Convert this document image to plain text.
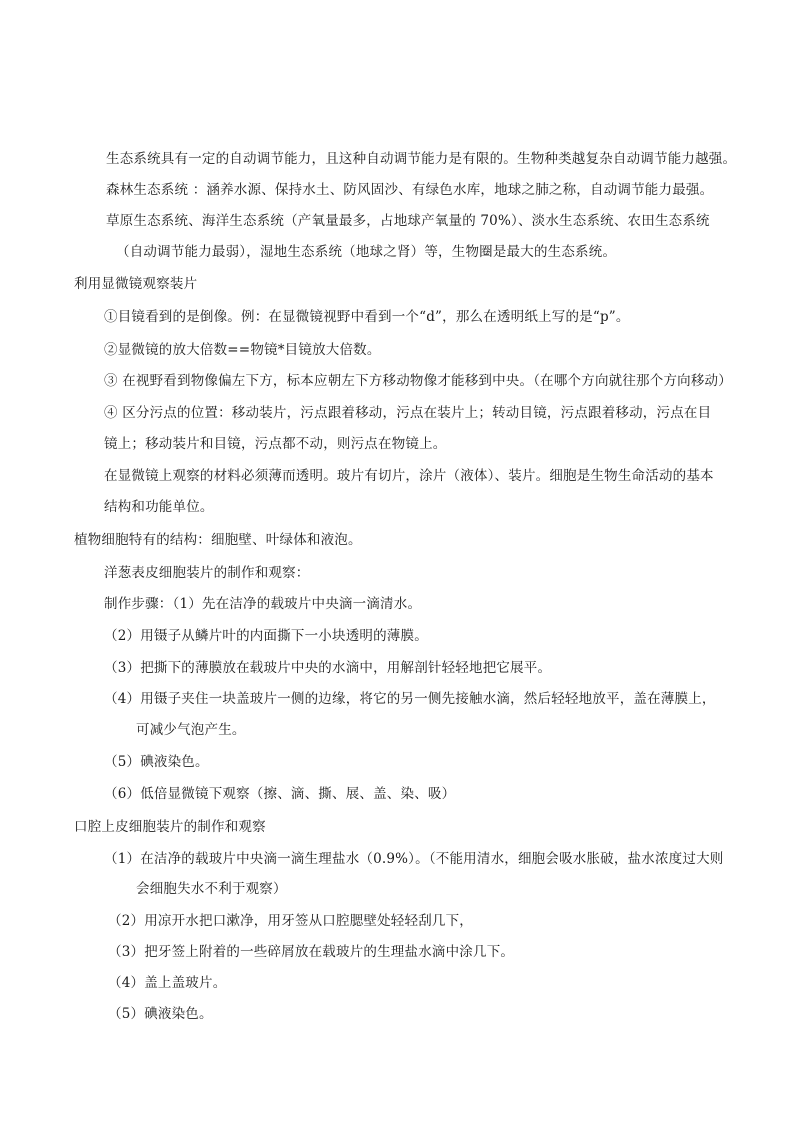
生态系统具有一定的自动调节能力，且这种自动调节能力是有限的。生物种类越复杂自动调节能力越强。
森林生态系统 ：涵养水源、保持水土、防风固沙、有绿色水库，地球之肺之称，自动调节能力最强。
草原生态系统、海洋生态系统（产氧量最多，占地球产氧量的 70%）、淡水生态系统、农田生态系统
（自动调节能力最弱），湿地生态系统（地球之肾）等，生物圈是最大的生态系统。
利用显微镜观察装片
①目镜看到的是倒像。例：在显微镜视野中看到一个“d”，那么在透明纸上写的是“p”。
②显微镜的放大倍数==物镜*目镜放大倍数。
③ 在视野看到物像偏左下方，标本应朝左下方移动物像才能移到中央。（在哪个方向就往那个方向移动）
④ 区分污点的位置：移动装片，污点跟着移动，污点在装片上；转动目镜，污点跟着移动，污点在目
镜上；移动装片和目镜，污点都不动，则污点在物镜上。
在显微镜上观察的材料必须薄而透明。玻片有切片，涂片（液体）、装片。细胞是生物生命活动的基本
结构和功能单位。
植物细胞特有的结构：细胞壁、叶绿体和液泡。
洋葱表皮细胞装片的制作和观察：
制作步骤：（1）先在洁净的载玻片中央滴一滴清水。
（2）用镊子从鳞片叶的内面撕下一小块透明的薄膜。
（3）把撕下的薄膜放在载玻片中央的水滴中，用解剖针轻轻地把它展平。
（4）用镊子夹住一块盖玻片一侧的边缘，将它的另一侧先接触水滴，然后轻轻地放平，盖在薄膜上，
可减少气泡产生。
（5）碘液染色。
（6）低倍显微镜下观察（擦、滴、撕、展、盖、染、吸）
口腔上皮细胞装片的制作和观察
（1）在洁净的载玻片中央滴一滴生理盐水（0.9%）。（不能用清水，细胞会吸水胀破，盐水浓度过大则
会细胞失水不利于观察）
（2）用凉开水把口漱净，用牙签从口腔腮壁处轻轻刮几下，
（3）把牙签上附着的一些碎屑放在载玻片的生理盐水滴中涂几下。
（4）盖上盖玻片。
（5）碘液染色。
